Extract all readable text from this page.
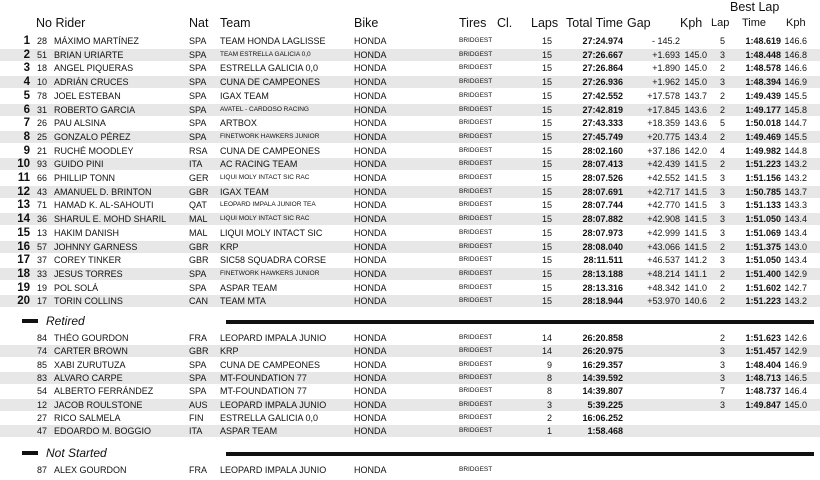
Best Lap
No Rider	Nat Team	Bike	Tires Cl. Laps Total Time Gap Kph Lap Time Kph
1 28 MÁXIMO MARTÍNEZ	SPA	TEAM HONDA LAGLISSE	HONDA	BRIDGEST	15	27:24.974	- 145.2	5	1:48.619 146.6
2 51 BRIAN URIARTE	SPA	TEAM ESTRELLA GALICIA 0,0	HONDA	BRIDGEST	15	27:26.667	+1.693 145.0	3	1:48.448 146.8
3 18 ANGEL PIQUERAS	SPA	ESTRELLA GALICIA 0,0	HONDA	BRIDGEST	15	27:26.864	+1.890 145.0	2	1:48.578 146.6
4 10 ADRIÁN CRUCES	SPA	CUNA DE CAMPEONES	HONDA	BRIDGEST	15	27:26.936	+1.962 145.0	3	1:48.394 146.9
5 78 JOEL ESTEBAN	SPA	IGAX TEAM	HONDA	BRIDGEST	15	27:42.552	+17.578 143.7	2	1:49.439 145.5
6 31 ROBERTO GARCIA	SPA	AVATEL - CARDOSO RACING	HONDA	BRIDGEST	15	27:42.819	+17.845 143.6	2	1:49.177 145.8
7 26 PAU ALSINA	SPA	ARTBOX	HONDA	BRIDGEST	15	27:43.333	+18.359 143.6	5	1:50.018 144.7
8 25 GONZALO PÉREZ	SPA	FINETWORK HAWKERS JUNIOR	HONDA	BRIDGEST	15	27:45.749	+20.775 143.4	2	1:49.469 145.5
9 21 RUCHÉ MOODLEY	RSA	CUNA DE CAMPEONES	HONDA	BRIDGEST	15	28:02.160	+37.186 142.0	4	1:49.982 144.8
10 93 GUIDO PINI	ITA	AC RACING TEAM	HONDA	BRIDGEST	15	28:07.413	+42.439 141.5	2	1:51.223 143.2
11 66 PHILLIP TONN	GER	LIQUI MOLY INTACT SIC RAC	HONDA	BRIDGEST	15	28:07.526	+42.552 141.5	3	1:51.156 143.2
12 43 AMANUEL D. BRINTON	GBR	IGAX TEAM	HONDA	BRIDGEST	15	28:07.691	+42.717 141.5	3	1:50.785 143.7
13 71 HAMAD K. AL-SAHOUTI	QAT	LEOPARD IMPALA JUNIOR TEA	HONDA	BRIDGEST	15	28:07.744	+42.770 141.5	3	1:51.133 143.3
14 36 SHARUL E. MOHD SHARIL	MAL	LIQUI MOLY INTACT SIC RAC	HONDA	BRIDGEST	15	28:07.882	+42.908 141.5	3	1:51.050 143.4
15 13 HAKIM DANISH	MAL	LIQUI MOLY INTACT SIC	HONDA	BRIDGEST	15	28:07.973	+42.999 141.5	3	1:51.069 143.4
16 57 JOHNNY GARNESS	GBR	KRP	HONDA	BRIDGEST	15	28:08.040	+43.066 141.5	2	1:51.375 143.0
17 37 COREY TINKER	GBR	SIC58 SQUADRA CORSE	HONDA	BRIDGEST	15	28:11.511	+46.537 141.2	3	1:51.050 143.4
18 33 JESUS TORRES	SPA	FINETWORK HAWKERS JUNIOR	HONDA	BRIDGEST	15	28:13.188	+48.214 141.1	2	1:51.400 142.9
19 19 POL SOLÁ	SPA	ASPAR TEAM	HONDA	BRIDGEST	15	28:13.316	+48.342 141.0	2	1:51.602 142.7
20 17 TORIN COLLINS	CAN	TEAM MTA	HONDA	BRIDGEST	15	28:18.944	+53.970 140.6	2	1:51.223 143.2
Retired
84 THÉO GOURDON	FRA	LEOPARD IMPALA JUNIO	HONDA	BRIDGEST	14	26:20.858	2	1:51.623 142.6
74 CARTER BROWN	GBR	KRP	HONDA	BRIDGEST	14	26:20.975	3	1:51.457 142.9
85 XABI ZURUTUZA	SPA	CUNA DE CAMPEONES	HONDA	BRIDGEST	9	16:29.357	3	1:48.404 146.9
83 ALVARO CARPE	SPA	MT-FOUNDATION 77	HONDA	BRIDGEST	8	14:39.592	3	1:48.713 146.5
54 ALBERTO FERRÁNDEZ	SPA	MT-FOUNDATION 77	HONDA	BRIDGEST	8	14:39.807	7	1:48.737 146.4
12 JACOB ROULSTONE	AUS	LEOPARD IMPALA JUNIO	HONDA	BRIDGEST	3	5:39.225	3	1:49.847 145.0
27 RICO SALMELA	FIN	ESTRELLA GALICIA 0,0	HONDA	BRIDGEST	2	16:06.252
47 EDOARDO M. BOGGIO	ITA	ASPAR TEAM	HONDA	BRIDGEST	1	1:58.468
Not Started
87 ALEX GOURDON	FRA	LEOPARD IMPALA JUNIO	HONDA	BRIDGEST
